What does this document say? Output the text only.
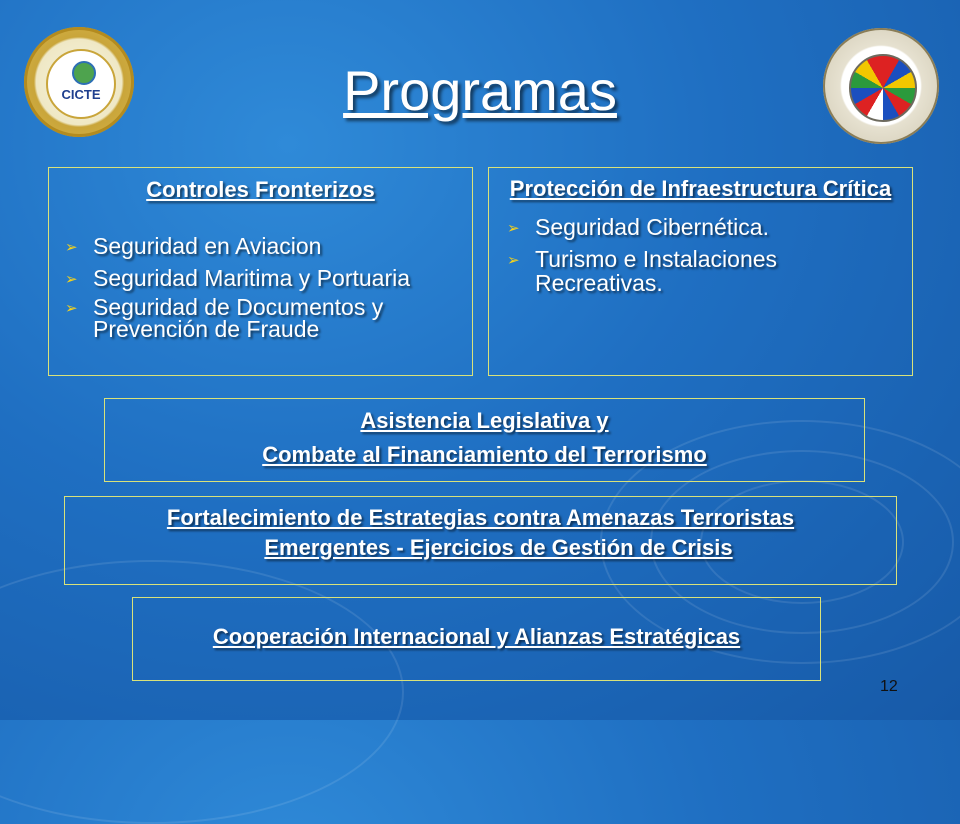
CICTE	Programas
Controles Fronterizos
➢ Seguridad en Aviacion
➢ Seguridad Maritima y Portuaria
➢ Seguridad de Documentos y Prevención de Fraude
Protección de Infraestructura Crítica
➢ Seguridad Cibernética.
➢ Turismo e Instalaciones Recreativas.
Asistencia Legislativa y
Combate al Financiamiento del Terrorismo
Fortalecimiento de Estrategias contra Amenazas Terroristas
Emergentes - Ejercicios de Gestión de Crisis
Cooperación Internacional y Alianzas Estratégicas
12
